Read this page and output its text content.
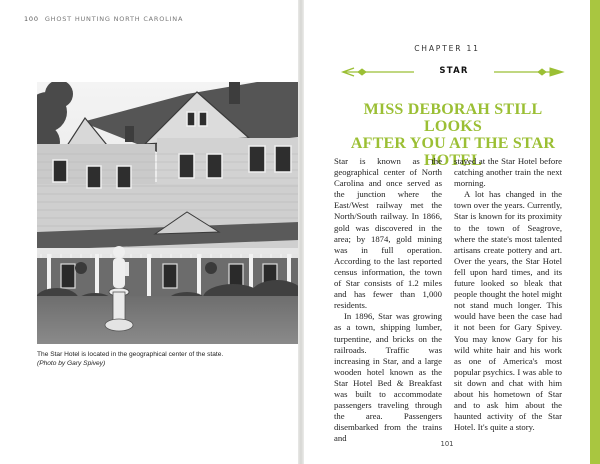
100 GHOST HUNTING NORTH CAROLINA
The Star Hotel is located in the geographical center of the state.
(Photo by Gary Spivey)
CHAPTER 11
STAR
MISS DEBORAH STILL LOOKS
AFTER YOU AT THE STAR HOTEL

Star is known as the geographical center of North Carolina and once served as the junction where the East/West railway met the North/South railway. In 1866, gold was discovered in the area; by 1874, gold mining was in full operation. According to the last reported census information, the town of Star consists of 1.2 miles and has fewer than 1,000 residents.

In 1896, Star was growing as a town, shipping lumber, turpentine, and bricks on the railroads. Traffic was increasing in Star, and a large wooden hotel known as the Star Hotel Bed & Breakfast was built to accommodate passengers traveling through the area. Passengers disembarked from the trains and

stayed at the Star Hotel before catching another train the next morning.

A lot has changed in the town over the years. Currently, Star is known for its proximity to the town of Seagrove, where the state's most talented artisans create pottery and art. Over the years, the Star Hotel fell upon hard times, and its future looked so bleak that people thought the hotel might not stand much longer. This would have been the case had it not been for Gary Spivey. You may know Gary for his wild white hair and his work as one of America's most popular psychics. I was able to sit down and chat with him about his hometown of Star and to ask him about the haunted activity of the Star Hotel. It's quite a story.

101
